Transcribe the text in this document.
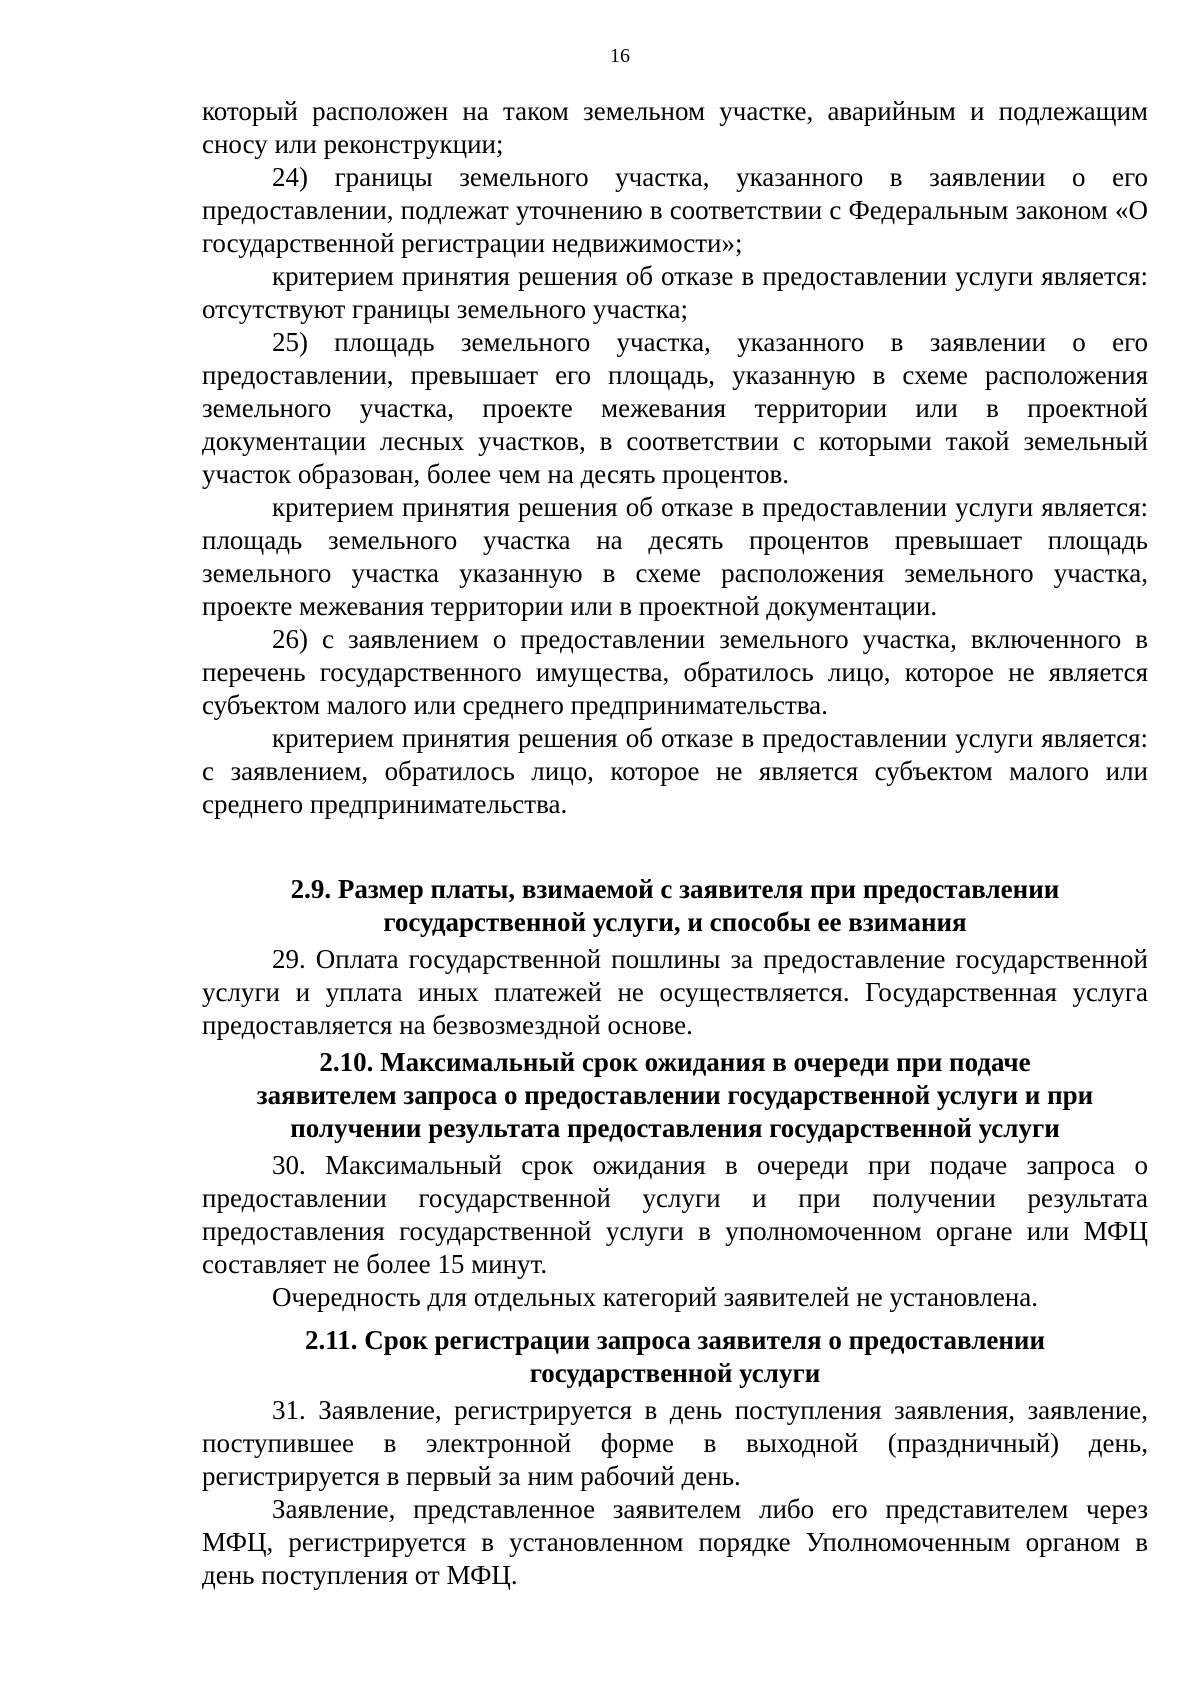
16

который расположен на таком земельном участке, аварийным и подлежащим сносу или реконструкции;

24) границы земельного участка, указанного в заявлении о его предоставлении, подлежат уточнению в соответствии с Федеральным законом «О государственной регистрации недвижимости»;

критерием принятия решения об отказе в предоставлении услуги является: отсутствуют границы земельного участка;

25) площадь земельного участка, указанного в заявлении о его предоставлении, превышает его площадь, указанную в схеме расположения земельного участка, проекте межевания территории или в проектной документации лесных участков, в соответствии с которыми такой земельный участок образован, более чем на десять процентов.

критерием принятия решения об отказе в предоставлении услуги является: площадь земельного участка на десять процентов превышает площадь земельного участка указанную в схеме расположения земельного участка, проекте межевания территории или в проектной документации.

26) с заявлением о предоставлении земельного участка, включенного в перечень государственного имущества, обратилось лицо, которое не является субъектом малого или среднего предпринимательства.

критерием принятия решения об отказе в предоставлении услуги является: с заявлением, обратилось лицо, которое не является субъектом малого или среднего предпринимательства.

2.9. Размер платы, взимаемой с заявителя при предоставлении
государственной услуги, и способы ее взимания

29. Оплата государственной пошлины за предоставление государственной услуги и уплата иных платежей не осуществляется. Государственная услуга предоставляется на безвозмездной основе.

2.10. Максимальный срок ожидания в очереди при подаче
заявителем запроса о предоставлении государственной услуги и при
получении результата предоставления государственной услуги

30. Максимальный срок ожидания в очереди при подаче запроса о предоставлении государственной услуги и при получении результата предоставления государственной услуги в уполномоченном органе или МФЦ составляет не более 15 минут.

Очередность для отдельных категорий заявителей не установлена.

2.11. Срок регистрации запроса заявителя о предоставлении
государственной услуги

31. Заявление, регистрируется в день поступления заявления, заявление, поступившее в электронной форме в выходной (праздничный) день, регистрируется в первый за ним рабочий день.

Заявление, представленное заявителем либо его представителем через МФЦ, регистрируется в установленном порядке Уполномоченным органом в день поступления от МФЦ.
